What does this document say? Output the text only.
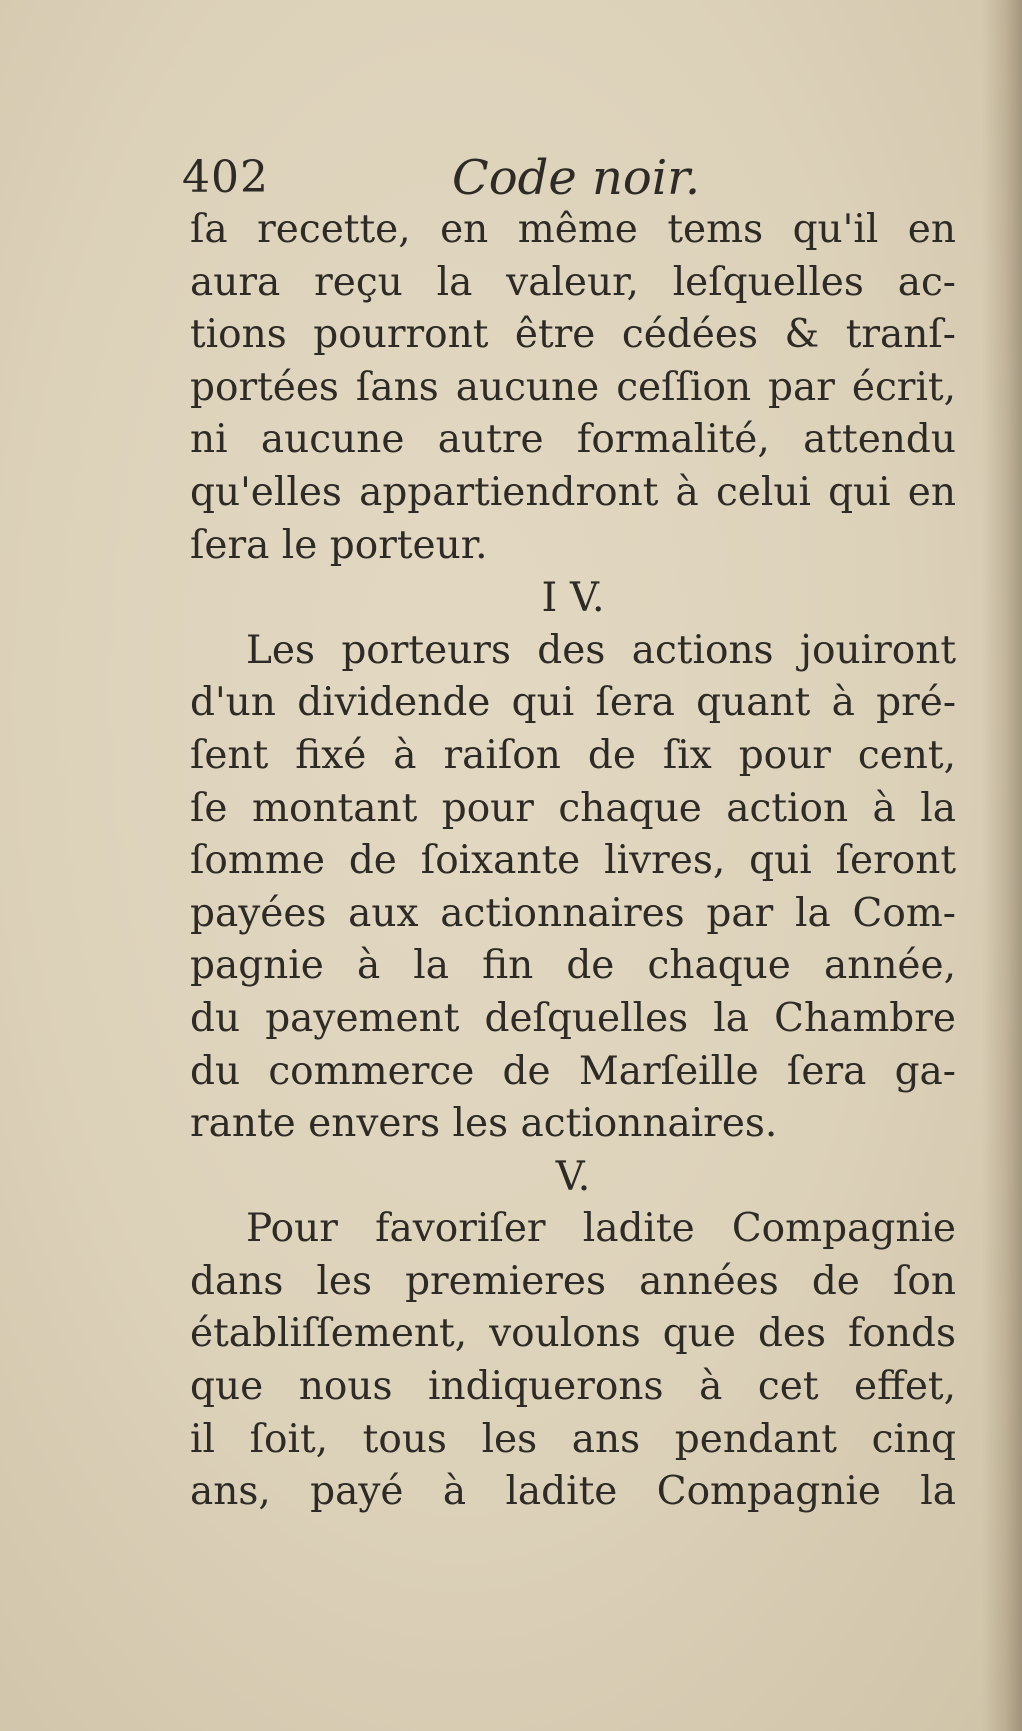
402	Code noir.
ſa recette, en même tems qu'il en
aura reçu la valeur, leſquelles ac-
tions pourront être cédées & tranſ-
portées ſans aucune ceſſion par écrit,
ni aucune autre formalité, attendu
qu'elles appartiendront à celui qui en
ſera le porteur.
I V.
Les porteurs des actions jouiront
d'un dividende qui ſera quant à pré-
ſent fixé à raiſon de ſix pour cent,
ſe montant pour chaque action à la
ſomme de ſoixante livres, qui ſeront
payées aux actionnaires par la Com-
pagnie à la fin de chaque année,
du payement deſquelles la Chambre
du commerce de Marſeille ſera ga-
rante envers les actionnaires.
V.
Pour favoriſer ladite Compagnie
dans les premieres années de ſon
établiſſement, voulons que des fonds
que nous indiquerons à cet effet,
il ſoit, tous les ans pendant cinq
ans, payé à ladite Compagnie la
